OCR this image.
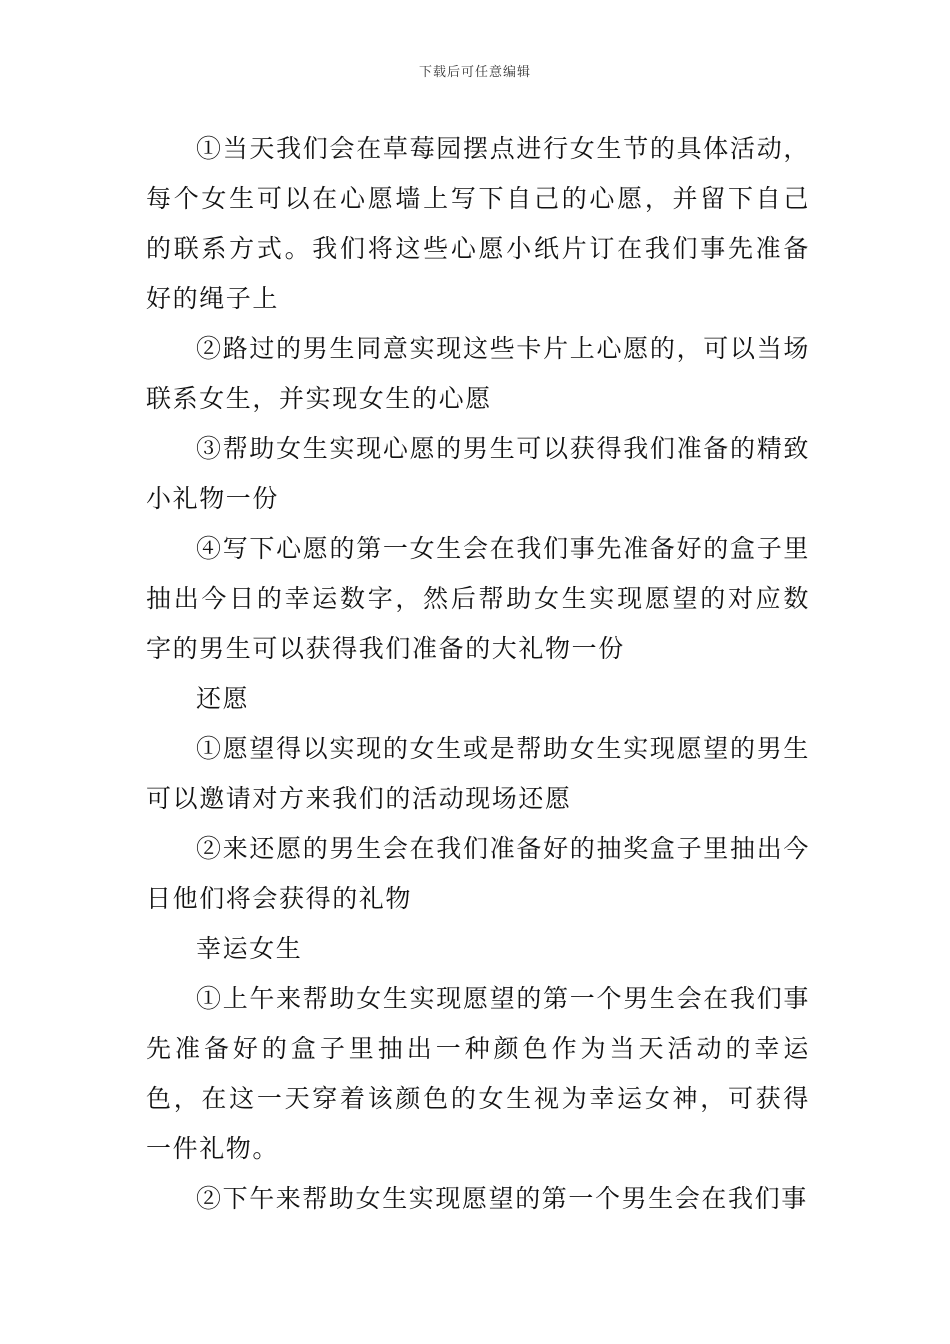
下载后可任意编辑

①当天我们会在草莓园摆点进行女生节的具体活动，每个女生可以在心愿墙上写下自己的心愿，并留下自己的联系方式。我们将这些心愿小纸片订在我们事先准备好的绳子上

②路过的男生同意实现这些卡片上心愿的，可以当场联系女生，并实现女生的心愿

③帮助女生实现心愿的男生可以获得我们准备的精致小礼物一份

④写下心愿的第一女生会在我们事先准备好的盒子里抽出今日的幸运数字，然后帮助女生实现愿望的对应数字的男生可以获得我们准备的大礼物一份

还愿

①愿望得以实现的女生或是帮助女生实现愿望的男生可以邀请对方来我们的活动现场还愿

②来还愿的男生会在我们准备好的抽奖盒子里抽出今日他们将会获得的礼物

幸运女生

①上午来帮助女生实现愿望的第一个男生会在我们事先准备好的盒子里抽出一种颜色作为当天活动的幸运色，在这一天穿着该颜色的女生视为幸运女神，可获得一件礼物。

②下午来帮助女生实现愿望的第一个男生会在我们事
